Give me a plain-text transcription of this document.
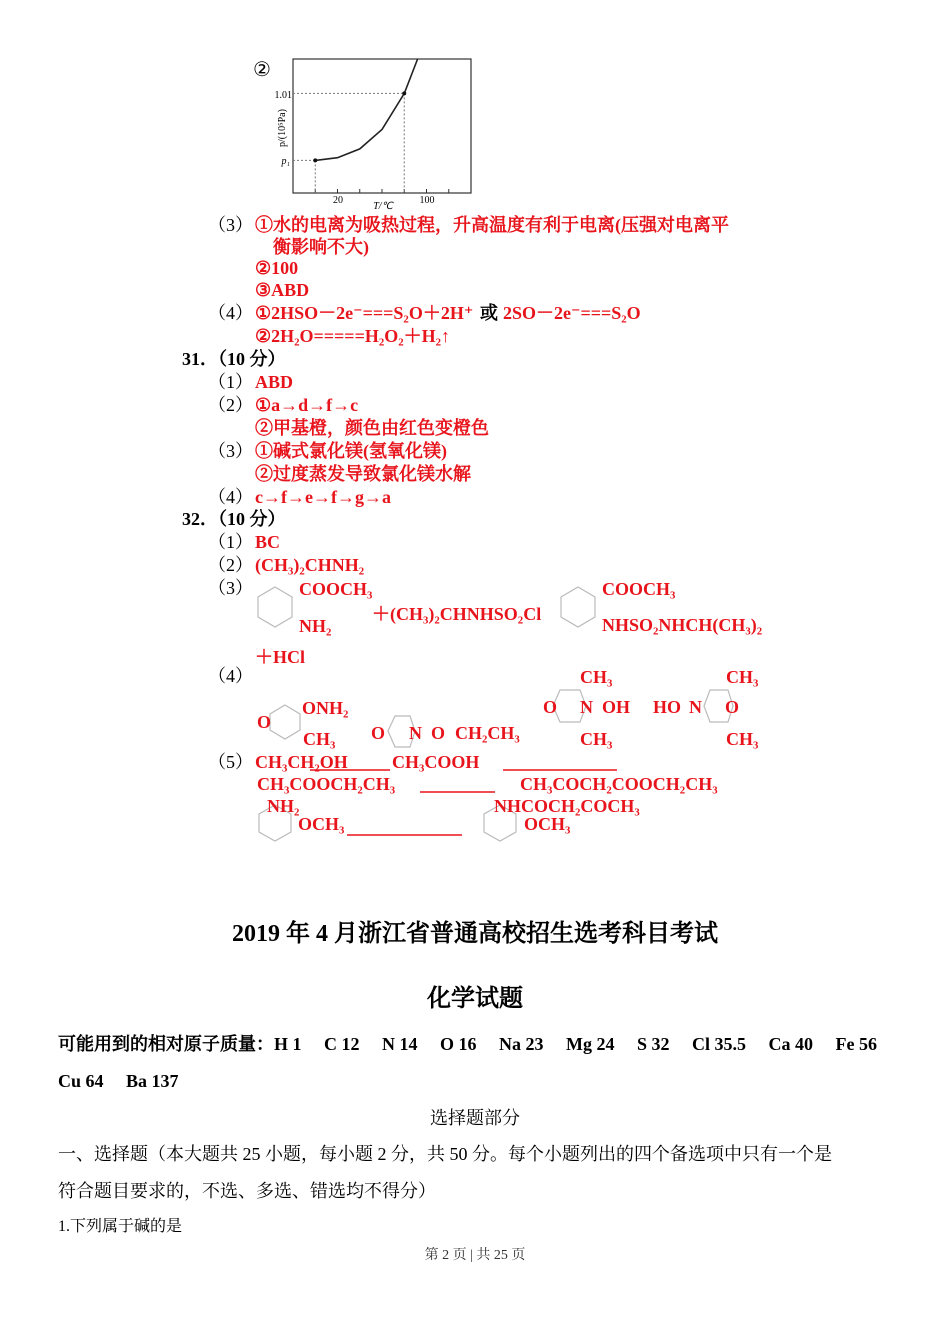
②
20	100
T/℃
p₁
1.01
p/(10⁵Pa)
（3） ①水的电离为吸热过程，升高温度有利于电离(压强对电离平
衡影响不大)
②100
③ABD
（4） ①2HSO－2e⁻===S₂O＋2H⁺ 或 2SO－2e⁻===S₂O
②2H₂O=====H₂O₂＋H₂↑
31．（10 分）
（1） ABD
（2） ①a→d→f→c
②甲基橙，颜色由红色变橙色
（3） ①碱式氯化镁(氢氧化镁)
②过度蒸发导致氯化镁水解
（4） c→f→e→f→g→a
32．（10 分）
（1） BC
（2） (CH₃)₂CHNH₂
（3）	COOCH₃
NH₂
＋(CH₃)₂CHNHSO₂Cl
COOCH₃
NHSO₂NHCH(CH₃)₂
＋HCl
（4）
O
ONH₂
CH₃ O N O CH₂CH₃
CH₃
O N OH
CH₃
CH₃
HO N O
CH₃
（5） CH₃CH₂OH CH₃COOH
CH₃COOCH₂CH₃	CH₃COCH₂COOCH₂CH₃
NH₂
OCH₃
NHCOCH₂COCH₃
OCH₃
2019 年 4 月浙江省普通高校招生选考科目考试
化学试题
可能用到的相对原子质量：H 1　 C 12　 N 14　 O 16　 Na 23　 Mg 24　 S 32　 Cl 35.5　 Ca 40　 Fe 56
Cu 64　 Ba 137
选择题部分
一、选择题（本大题共 25 小题，每小题 2 分，共 50 分。每个小题列出的四个备选项中只有一个是
符合题目要求的，不选、多选、错选均不得分）
1.下列属于碱的是
第 2 页 | 共 25 页
